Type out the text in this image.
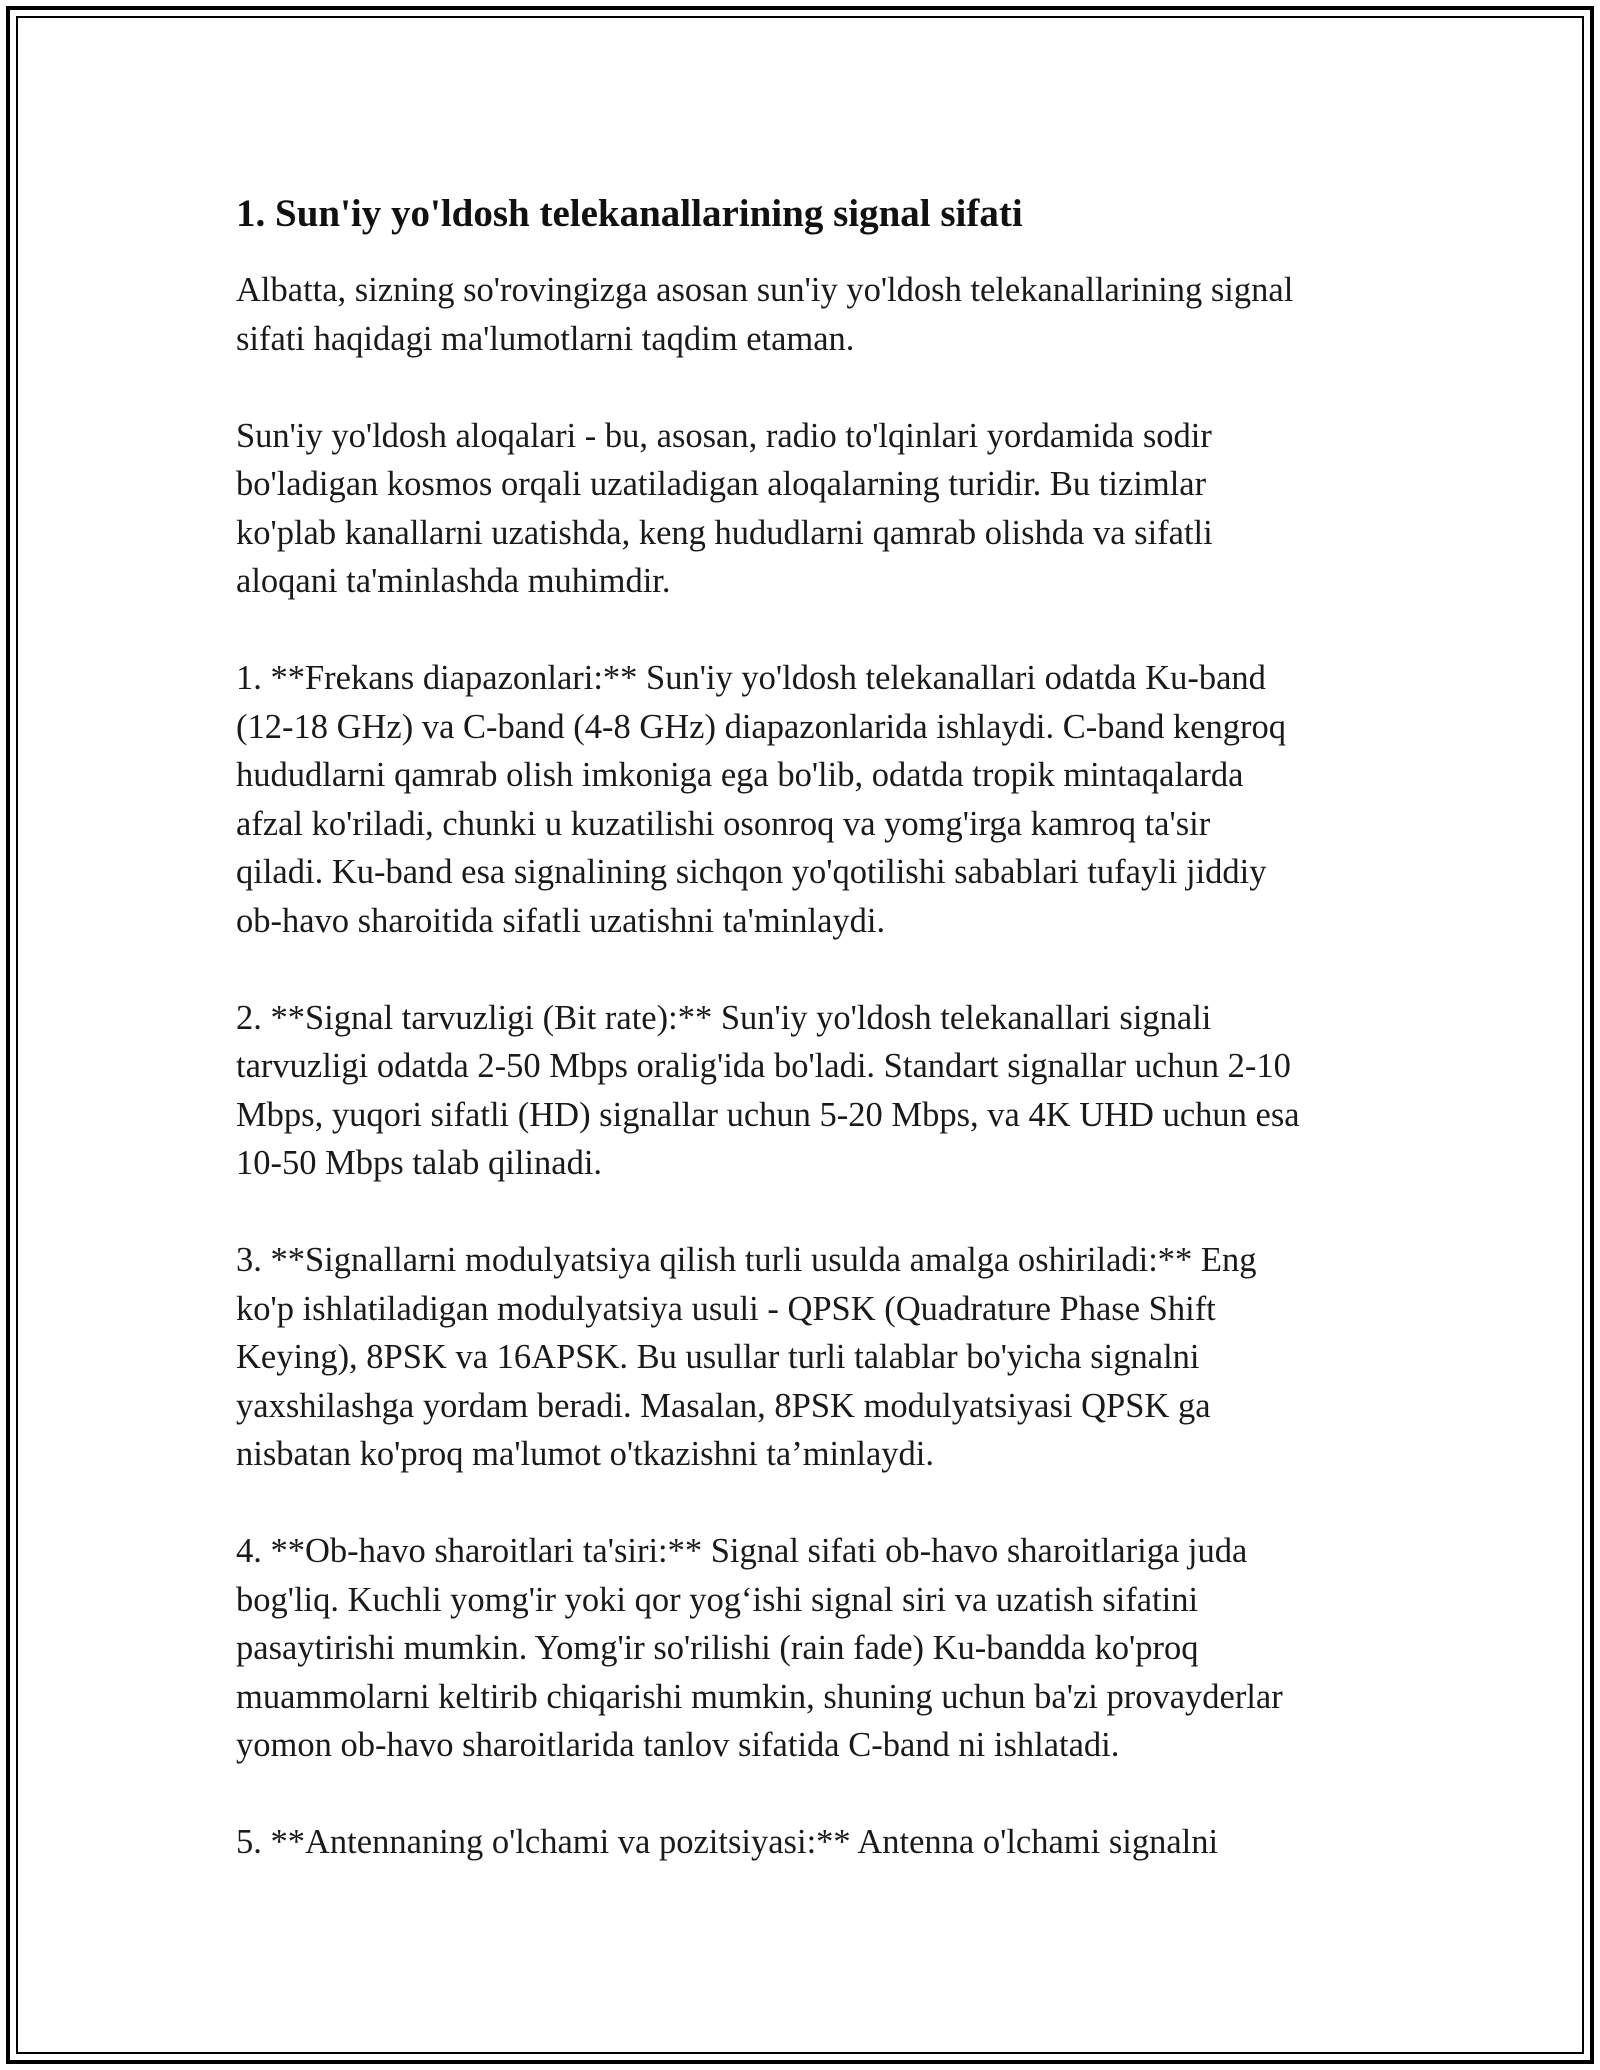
1. Sun'iy yo'ldosh telekanallarining signal sifati
Albatta, sizning so'rovingizga asosan sun'iy yo'ldosh telekanallarining signal
sifati haqidagi ma'lumotlarni taqdim etaman.
Sun'iy yo'ldosh aloqalari - bu, asosan, radio to'lqinlari yordamida sodir
bo'ladigan kosmos orqali uzatiladigan aloqalarning turidir. Bu tizimlar
ko'plab kanallarni uzatishda, keng hududlarni qamrab olishda va sifatli
aloqani ta'minlashda muhimdir.
1. **Frekans diapazonlari:** Sun'iy yo'ldosh telekanallari odatda Ku-band
(12-18 GHz) va C-band (4-8 GHz) diapazonlarida ishlaydi. C-band kengroq
hududlarni qamrab olish imkoniga ega bo'lib, odatda tropik mintaqalarda
afzal ko'riladi, chunki u kuzatilishi osonroq va yomg'irga kamroq ta'sir
qiladi. Ku-band esa signalining sichqon yo'qotilishi sabablari tufayli jiddiy
ob-havo sharoitida sifatli uzatishni ta'minlaydi.
2. **Signal tarvuzligi (Bit rate):** Sun'iy yo'ldosh telekanallari signali
tarvuzligi odatda 2-50 Mbps oralig'ida bo'ladi. Standart signallar uchun 2-10
Mbps, yuqori sifatli (HD) signallar uchun 5-20 Mbps, va 4K UHD uchun esa
10-50 Mbps talab qilinadi.
3. **Signallarni modulyatsiya qilish turli usulda amalga oshiriladi:** Eng
ko'p ishlatiladigan modulyatsiya usuli - QPSK (Quadrature Phase Shift
Keying), 8PSK va 16APSK. Bu usullar turli talablar bo'yicha signalni
yaxshilashga yordam beradi. Masalan, 8PSK modulyatsiyasi QPSK ga
nisbatan ko'proq ma'lumot o'tkazishni ta’minlaydi.
4. **Ob-havo sharoitlari ta'siri:** Signal sifati ob-havo sharoitlariga juda
bog'liq. Kuchli yomg'ir yoki qor yog‘ishi signal siri va uzatish sifatini
pasaytirishi mumkin. Yomg'ir so'rilishi (rain fade) Ku-bandda ko'proq
muammolarni keltirib chiqarishi mumkin, shuning uchun ba'zi provayderlar
yomon ob-havo sharoitlarida tanlov sifatida C-band ni ishlatadi.
5. **Antennaning o'lchami va pozitsiyasi:** Antenna o'lchami signalni
